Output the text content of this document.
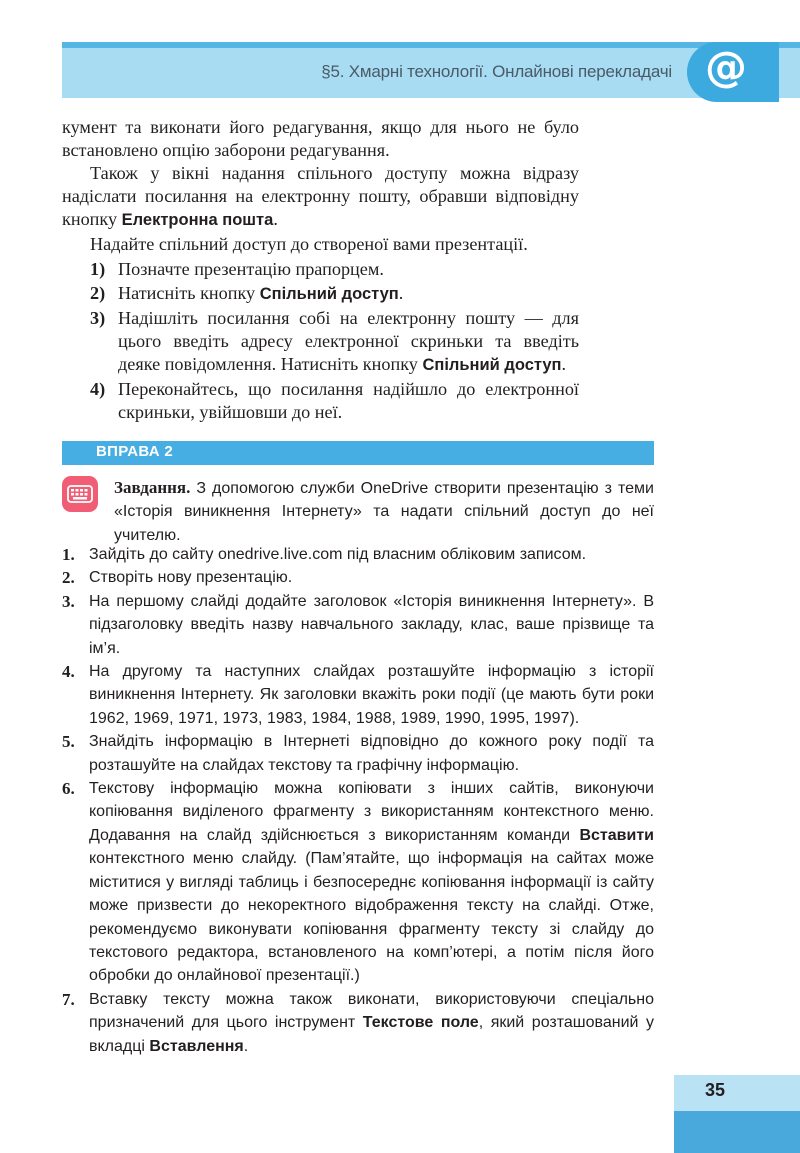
§5. Хмарні технології. Онлайнові перекладачі @
кумент та виконати його редагування, якщо для нього не було встановлено опцію заборони редагування.
Також у вікні надання спільного доступу можна відразу надіслати посилання на електронну пошту, обравши відповідну кнопку Електронна пошта.
Надайте спільний доступ до створеної вами презентації.
1) Позначте презентацію прапорцем.
2) Натисніть кнопку Спільний доступ.
3) Надішліть посилання собі на електронну пошту — для цього введіть адресу електронної скриньки та введіть деяке повідомлення. Натисніть кнопку Спільний доступ.
4) Переконайтесь, що посилання надійшло до електронної скриньки, увійшовши до неї.
ВПРАВА 2
Завдання. З допомогою служби OneDrive створити презентацію з теми «Історія виникнення Інтернету» та надати спільний доступ до неї учителю.
1. Зайдіть до сайту onedrive.live.com під власним обліковим записом.
2. Створіть нову презентацію.
3. На першому слайді додайте заголовок «Історія виникнення Інтернету». В підзаголовку введіть назву навчального закладу, клас, ваше прізвище та ім’я.
4. На другому та наступних слайдах розташуйте інформацію з історії виникнення Інтернету. Як заголовки вкажіть роки події (це мають бути роки 1962, 1969, 1971, 1973, 1983, 1984, 1988, 1989, 1990, 1995, 1997).
5. Знайдіть інформацію в Інтернеті відповідно до кожного року події та розташуйте на слайдах текстову та графічну інформацію.
6. Текстову інформацію можна копіювати з інших сайтів, виконуючи копіювання виділеного фрагменту з використанням контекстного меню. Додавання на слайд здійснюється з використанням команди Вставити контекстного меню слайду. (Пам’ятайте, що інформація на сайтах може міститися у вигляді таблиць і безпосереднє копіювання інформації із сайту може призвести до некоректного відображення тексту на слайді. Отже, рекомендуємо виконувати копіювання фрагменту тексту зі слайду до текстового редактора, встановленого на комп’ютері, а потім після його обробки до онлайнової презентації.)
7. Вставку тексту можна також виконати, використовуючи спеціально призначений для цього інструмент Текстове поле, який розташований у вкладці Вставлення.
35
